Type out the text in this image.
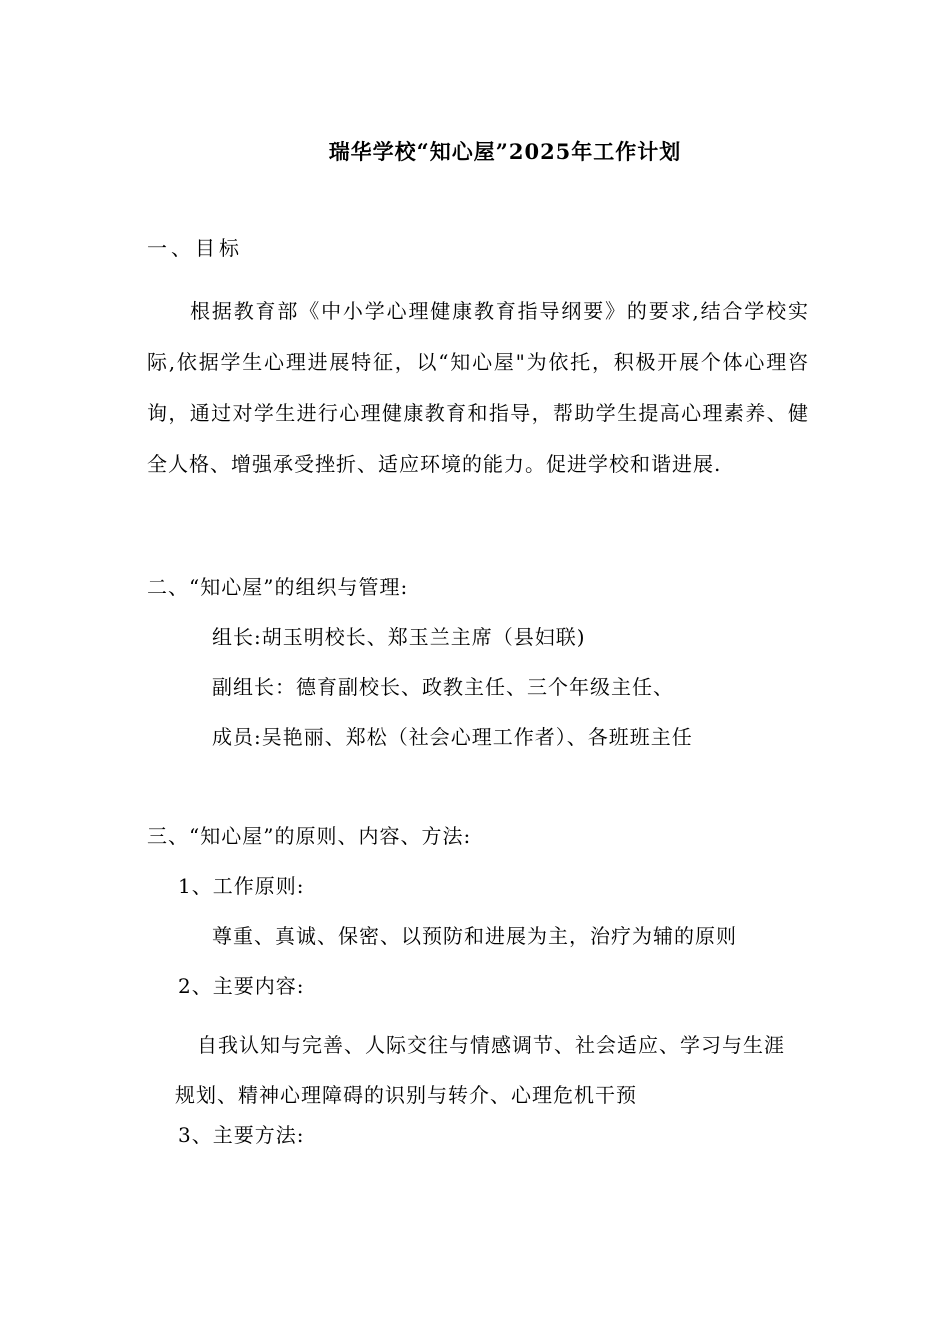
瑞华学校“知心屋”2025年工作计划
一、目标
根据教育部《中小学心理健康教育指导纲要》的要求,结合学校实际,依据学生心理进展特征，以“知心屋"为依托，积极开展个体心理咨询，通过对学生进行心理健康教育和指导，帮助学生提高心理素养、健全人格、增强承受挫折、适应环境的能力。促进学校和谐进展.
二、“知心屋”的组织与管理:
组长:胡玉明校长、郑玉兰主席（县妇联)
副组长：德育副校长、政教主任、三个年级主任、
成员:吴艳丽、郑松（社会心理工作者）、各班班主任
三、“知心屋”的原则、内容、方法:
1、工作原则:
尊重、真诚、保密、以预防和进展为主，治疗为辅的原则
2、主要内容:
自我认知与完善、人际交往与情感调节、社会适应、学习与生涯规划、精神心理障碍的识别与转介、心理危机干预
3、主要方法:
